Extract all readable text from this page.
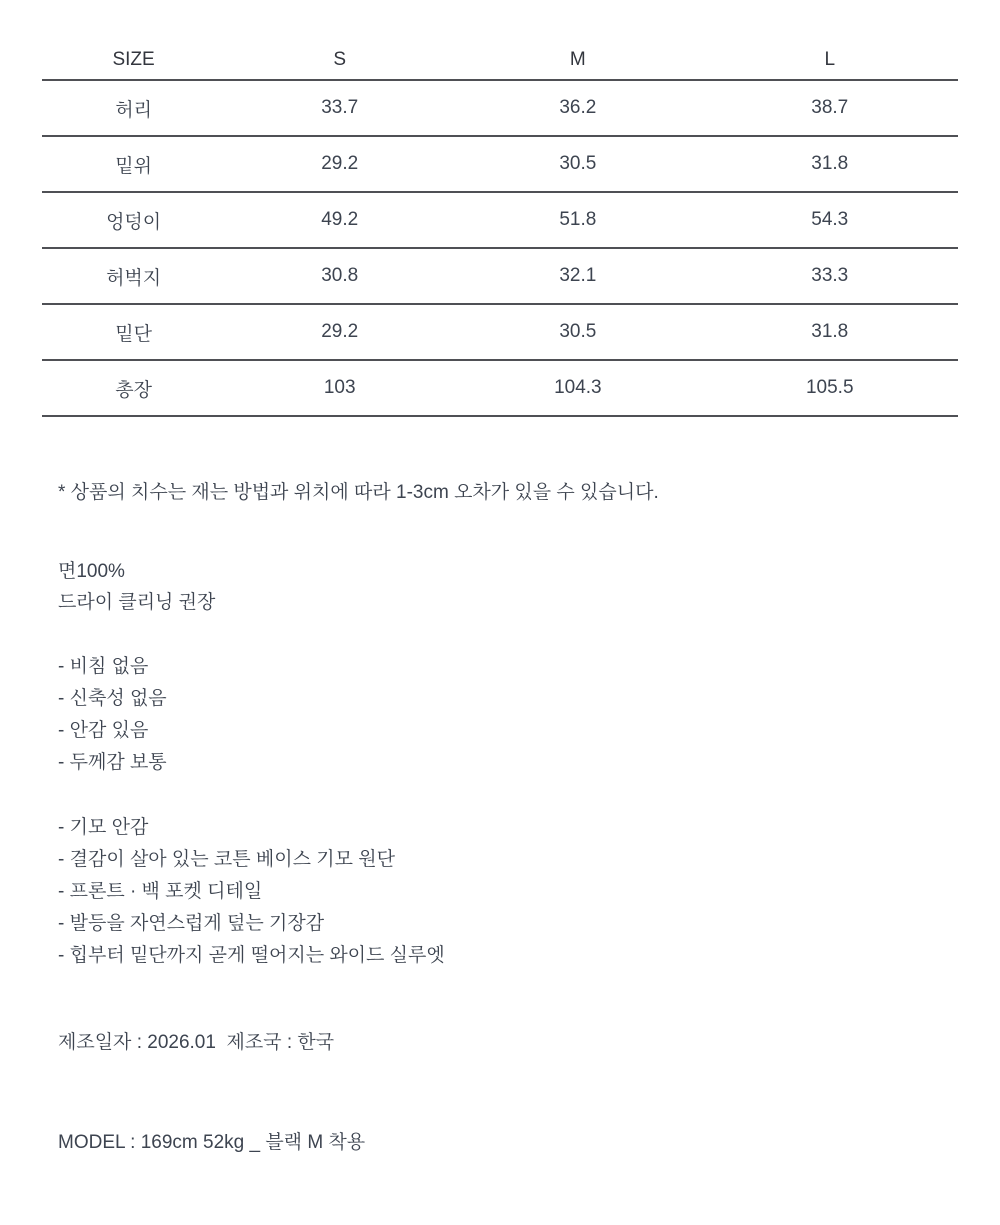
SIZE	S	M	L
허리	33.7	36.2	38.7
밑위	29.2	30.5	31.8
엉덩이	49.2	51.8	54.3
허벅지	30.8	32.1	33.3
밑단	29.2	30.5	31.8
총장	103	104.3	105.5
* 상품의 치수는 재는 방법과 위치에 따라 1-3cm 오차가 있을 수 있습니다.
면100%
드라이 클리닝 권장
- 비침 없음
- 신축성 없음
- 안감 있음
- 두께감 보통
- 기모 안감
- 결감이 살아 있는 코튼 베이스 기모 원단
- 프론트 · 백 포켓 디테일
- 발등을 자연스럽게 덮는 기장감
- 힙부터 밑단까지 곧게 떨어지는 와이드 실루엣
제조일자 : 2026.01  제조국 : 한국
MODEL : 169cm 52kg _ 블랙 M 착용
